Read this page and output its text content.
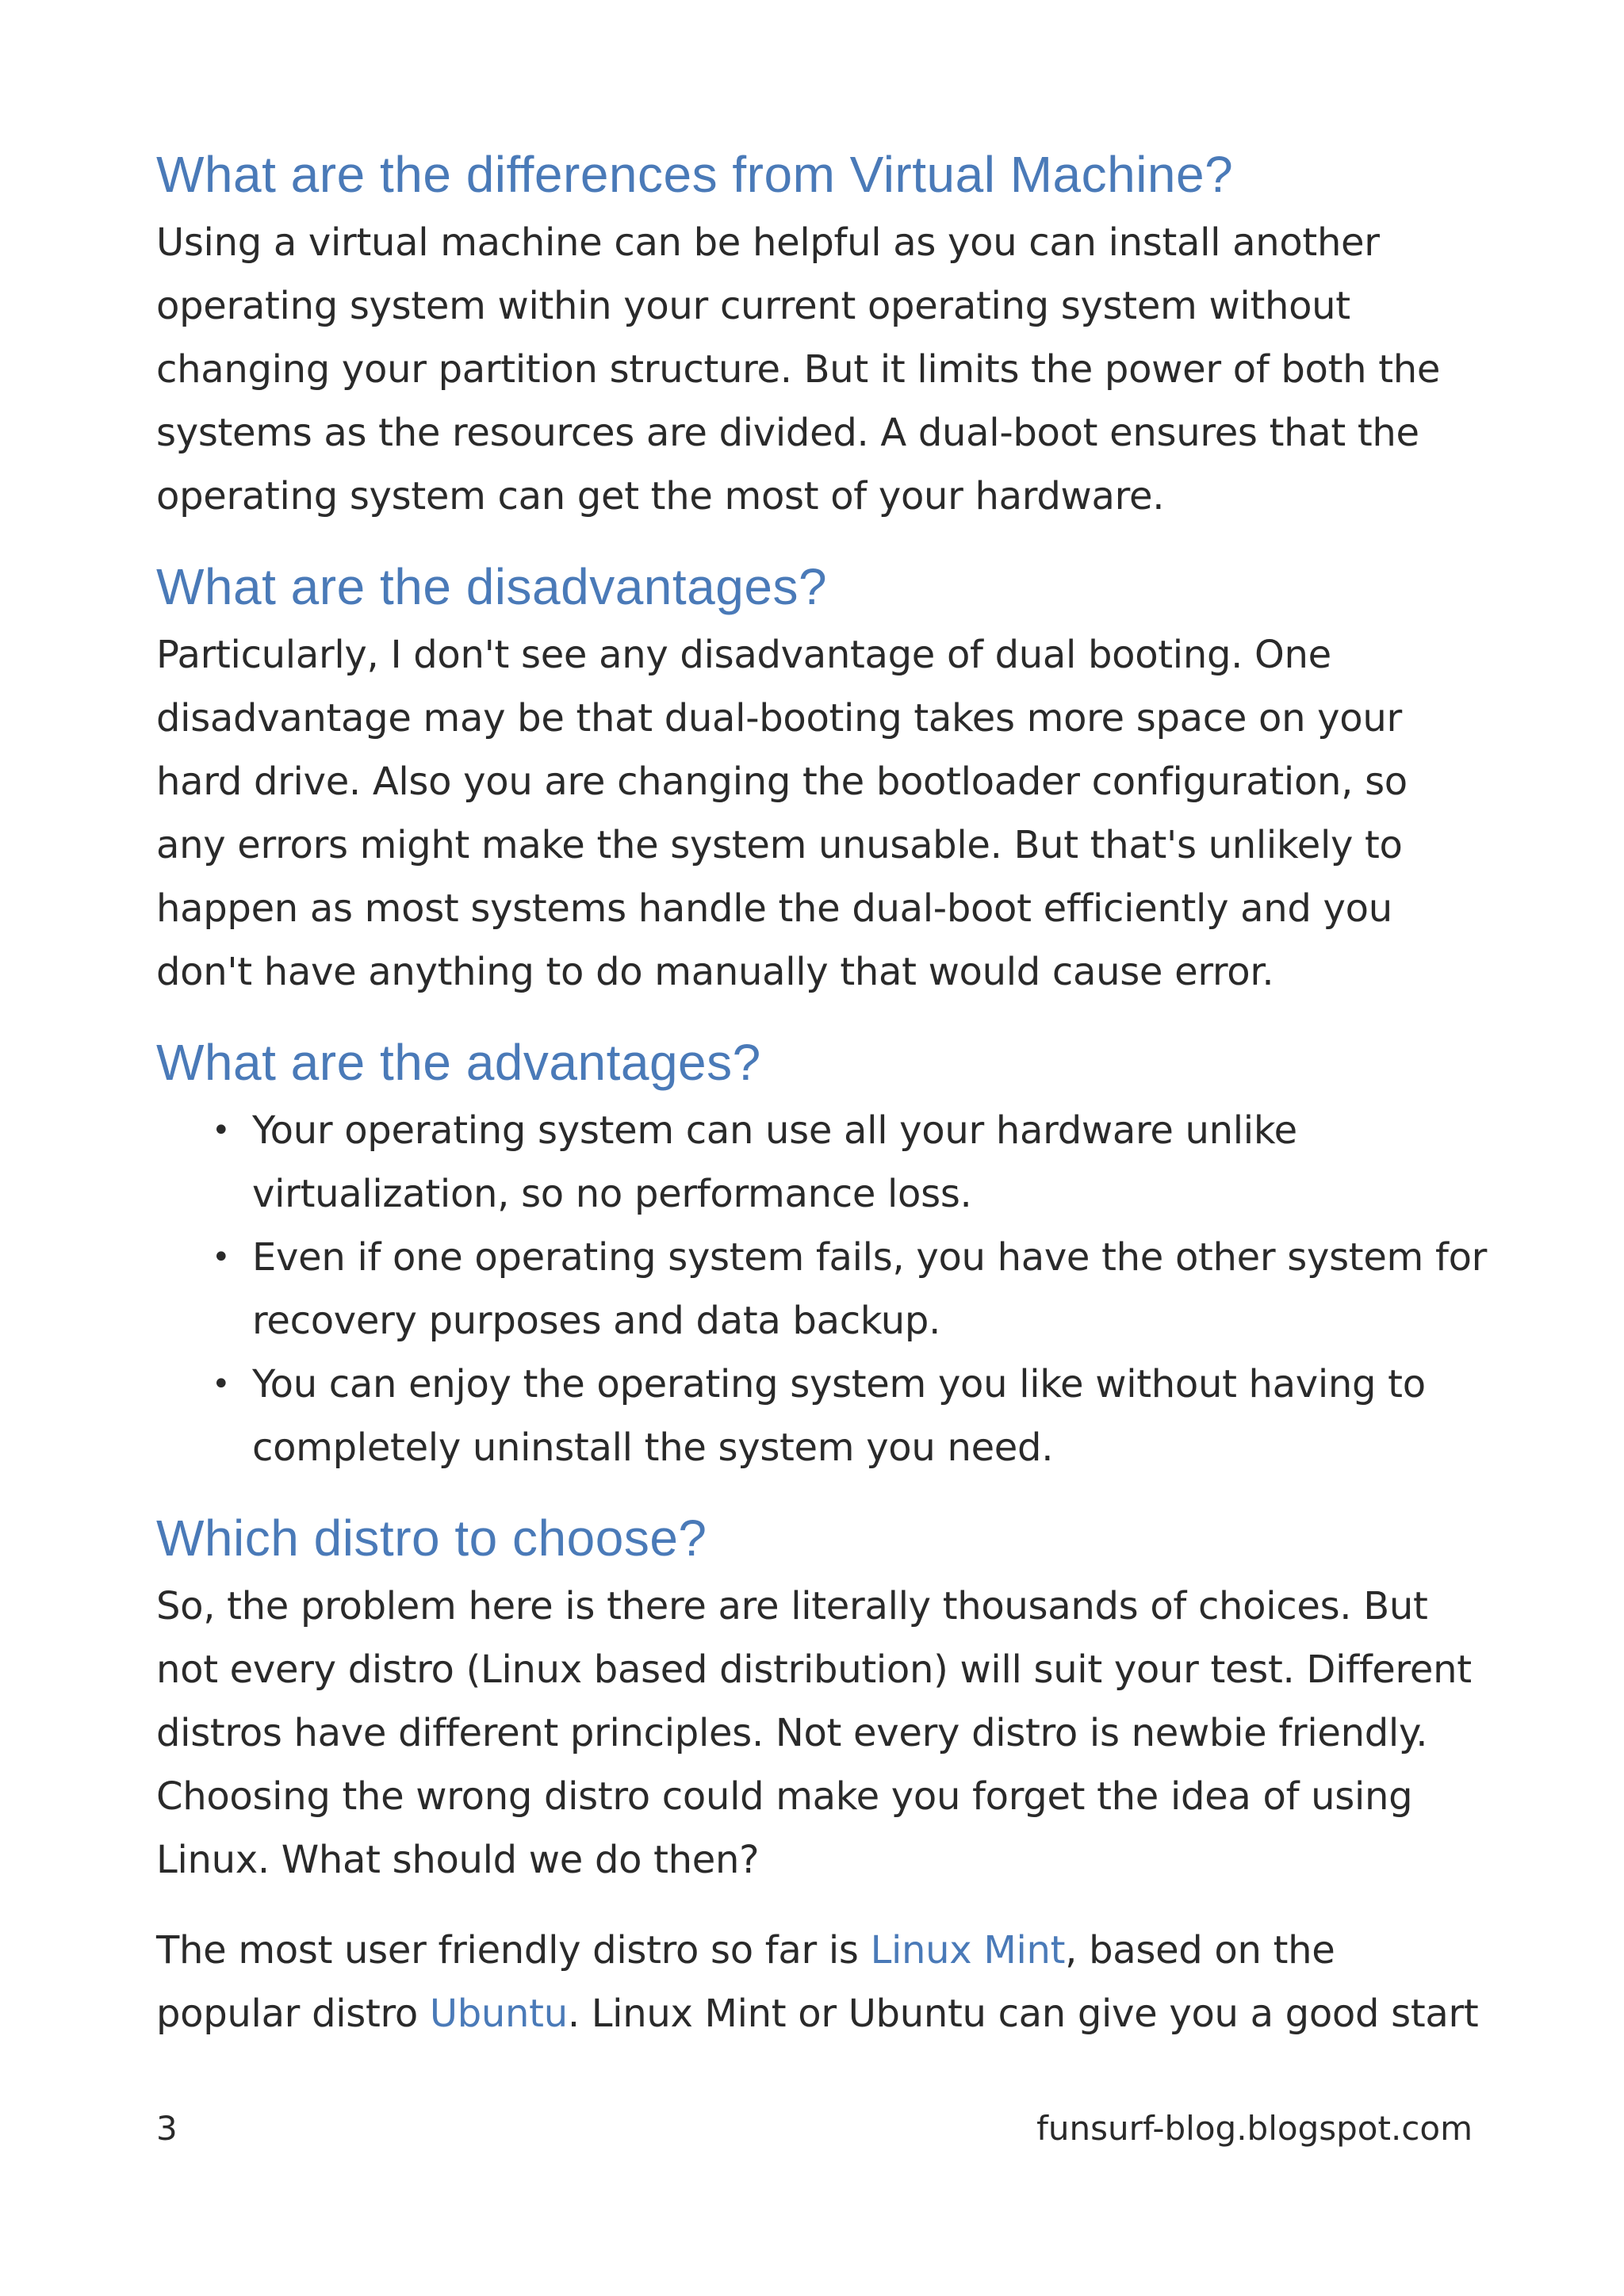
What are the differences from Virtual Machine?

Using a virtual machine can be helpful as you can install another operating system within your current operating system without changing your partition structure. But it limits the power of both the systems as the resources are divided. A dual-boot ensures that the operating system can get the most of your hardware.

What are the disadvantages?

Particularly, I don't see any disadvantage of dual booting. One disadvantage may be that dual-booting takes more space on your hard drive. Also you are changing the bootloader configuration, so any errors might make the system unusable. But that's unlikely to happen as most systems handle the dual-boot efficiently and you don't have anything to do manually that would cause error.

What are the advantages?
• Your operating system can use all your hardware unlike virtualization, so no performance loss.
• Even if one operating system fails, you have the other system for recovery purposes and data backup.
• You can enjoy the operating system you like without having to completely uninstall the system you need.
Which distro to choose?

So, the problem here is there are literally thousands of choices. But not every distro (Linux based distribution) will suit your test. Different distros have different principles. Not every distro is newbie friendly. Choosing the wrong distro could make you forget the idea of using Linux. What should we do then?

The most user friendly distro so far is Linux Mint, based on the popular distro Ubuntu. Linux Mint or Ubuntu can give you a good start

3	funsurf-blog.blogspot.com
